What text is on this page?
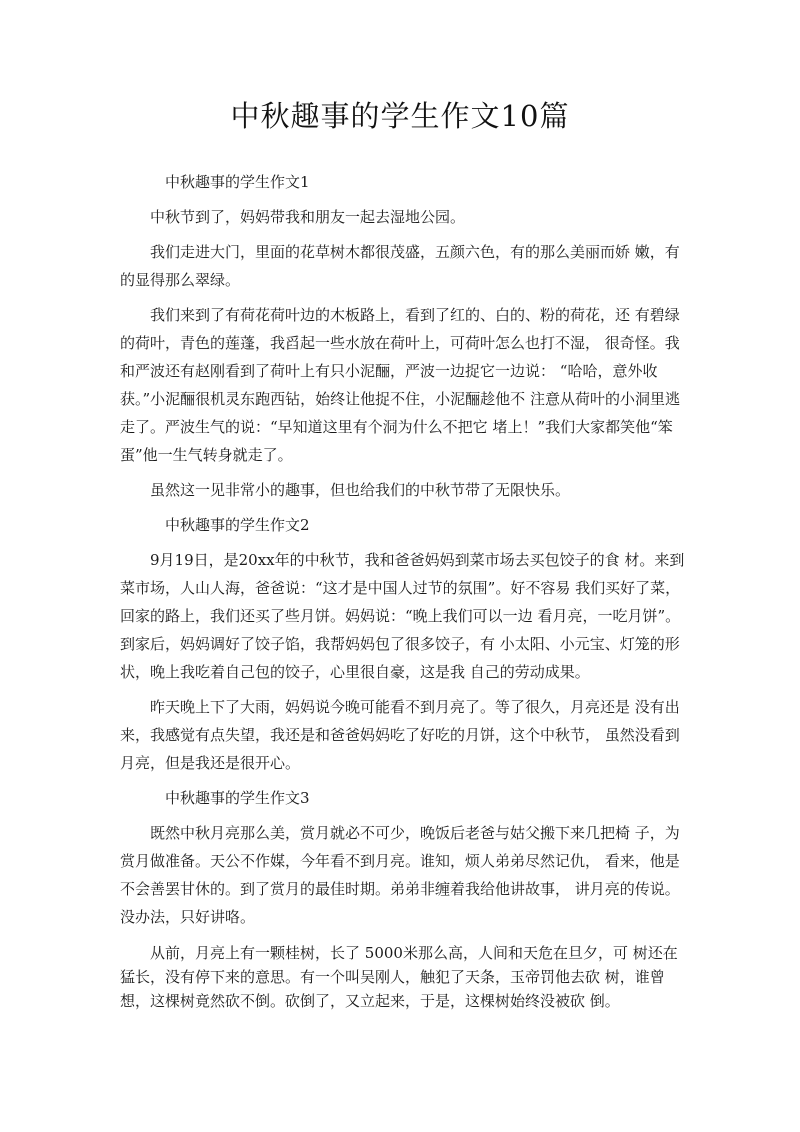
中秋趣事的学生作文10篇

中秋趣事的学生作文1

中秋节到了，妈妈带我和朋友一起去湿地公园。

我们走进大门，里面的花草树木都很茂盛，五颜六色，有的那么美丽而娇 嫩，有的显得那么翠绿。

我们来到了有荷花荷叶边的木板路上，看到了红的、白的、粉的荷花，还 有碧绿的荷叶，青色的莲蓬，我舀起一些水放在荷叶上，可荷叶怎么也打不湿， 很奇怪。我和严波还有赵刚看到了荷叶上有只小泥酾，严波一边捉它一边说： “哈哈，意外收获。”小泥酾很机灵东跑西钻，始终让他捉不住，小泥酾趁他不 注意从荷叶的小洞里逃走了。严波生气的说：“早知道这里有个洞为什么不把它 堵上！”我们大家都笑他“笨蛋”他一生气转身就走了。

虽然这一见非常小的趣事，但也给我们的中秋节带了无限快乐。

中秋趣事的学生作文2

9月19日，是20xx年的中秋节，我和爸爸妈妈到菜市场去买包饺子的食 材。来到菜市场，人山人海，爸爸说：“这才是中国人过节的氛围”。好不容易 我们买好了菜，回家的路上，我们还买了些月饼。妈妈说：“晚上我们可以一边 看月亮，一吃月饼”。到家后，妈妈调好了饺子馅，我帮妈妈包了很多饺子，有 小太阳、小元宝、灯笼的形状，晚上我吃着自己包的饺子，心里很自豪，这是我 自己的劳动成果。

昨天晚上下了大雨，妈妈说今晚可能看不到月亮了。等了很久，月亮还是 没有出来，我感觉有点失望，我还是和爸爸妈妈吃了好吃的月饼，这个中秋节， 虽然没看到月亮，但是我还是很开心。

中秋趣事的学生作文3

既然中秋月亮那么美，赏月就必不可少，晚饭后老爸与姑父搬下来几把椅 子，为赏月做准备。天公不作媒，今年看不到月亮。谁知，烦人弟弟尽然记仇， 看来，他是不会善罢甘休的。到了赏月的最佳时期。弟弟非缠着我给他讲故事， 讲月亮的传说。没办法，只好讲咯。

从前，月亮上有一颗桂树，长了 5000米那么高，人间和天危在旦夕，可 树还在猛长，没有停下来的意思。有一个叫吴刚人，触犯了天条，玉帝罚他去砍 树，谁曾想，这棵树竟然砍不倒。砍倒了，又立起来，于是，这棵树始终没被砍 倒。
